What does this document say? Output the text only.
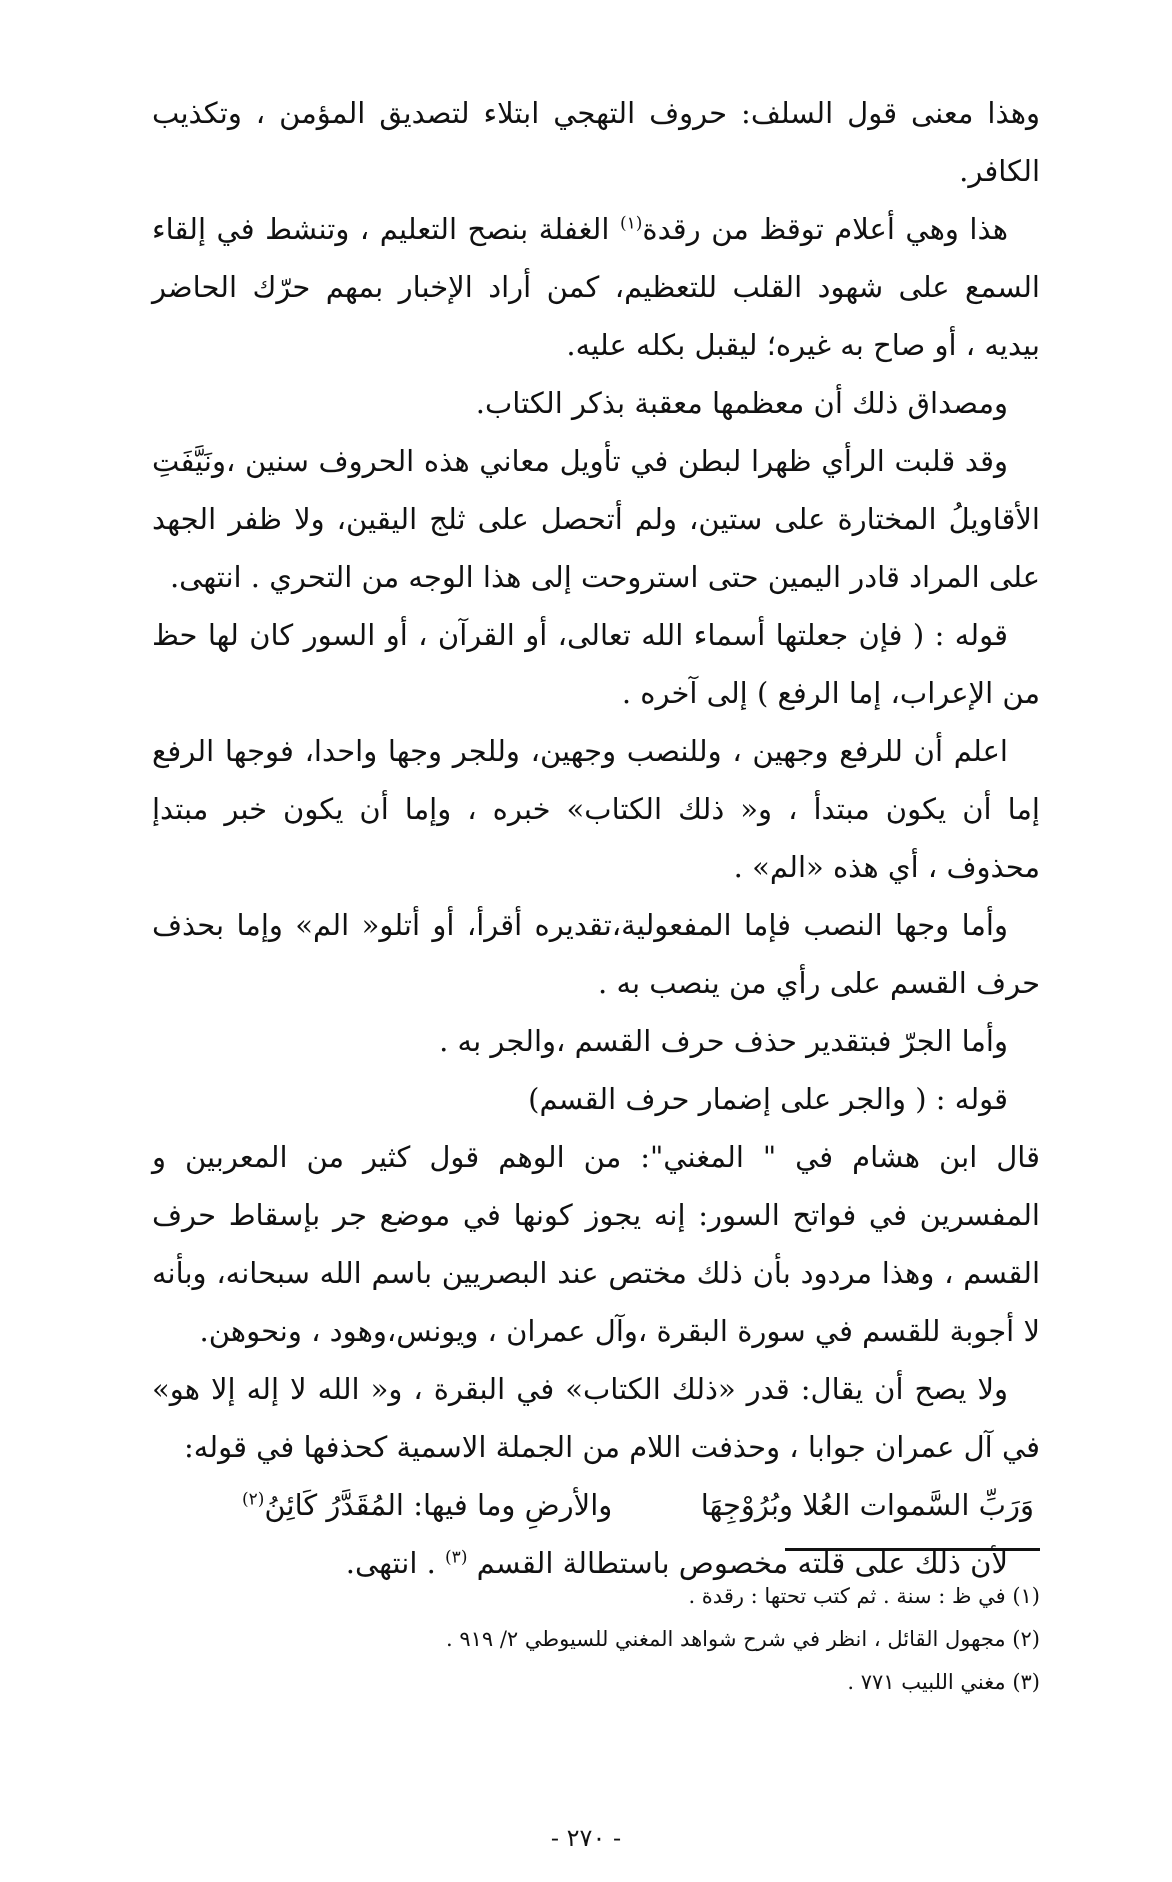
وهذا معنى قول السلف: حروف التهجي ابتلاء لتصديق المؤمن ، وتكذيب الكافر.

هذا وهي أعلام توقظ من رقدة$^{(١)}$ الغفلة بنصح التعليم ، وتنشط في إلقاء السمع على شهود القلب للتعظيم، كمن أراد الإخبار بمهم حرّك الحاضر بيديه ، أو صاح به غيره؛ ليقبل بكله عليه.

ومصداق ذلك أن معظمها معقبة بذكر الكتاب.

وقد قلبت الرأي ظهرا لبطن في تأويل معاني هذه الحروف سنين ،ونَيَّفَتِ الأقاويلُ المختارة على ستين، ولم أتحصل على ثلج اليقين، ولا ظفر الجهد على المراد قادر اليمين حتى استروحت إلى هذا الوجه من التحري . انتهى.

قوله : ( فإن جعلتها أسماء الله تعالى، أو القرآن ، أو السور كان لها حظ من الإعراب، إما الرفع ) إلى آخره .

اعلم أن للرفع وجهين ، وللنصب وجهين، وللجر وجها واحدا، فوجها الرفع إما أن يكون مبتدأ ، و« ذلك الكتاب» خبره ، وإما أن يكون خبر مبتدإ محذوف ، أي هذه «الم» .

وأما وجها النصب فإما المفعولية،تقديره أقرأ، أو أتلو« الم» وإما بحذف حرف القسم على رأي من ينصب به .

وأما الجرّ فبتقدير حذف حرف القسم ،والجر به .

قوله : ( والجر على إضمار حرف القسم)

قال ابن هشام في " المغني": من الوهم قول كثير من المعربين و المفسرين في فواتح السور: إنه يجوز كونها في موضع جر بإسقاط حرف القسم ، وهذا مردود بأن ذلك مختص عند البصريين باسم الله سبحانه، وبأنه لا أجوبة للقسم في سورة البقرة ،وآل عمران ، ويونس،وهود ، ونحوهن.

ولا يصح أن يقال: قدر «ذلك الكتاب» في البقرة ، و« الله لا إله إلا هو» في آل عمران جوابا ، وحذفت اللام من الجملة الاسمية كحذفها في قوله:

وَرَبِّ السَّموات العُلا وبُرُوْجِهَا
والأرضِ وما فيها: المُقَدَّرُ كَائِنُ$^{(٢)}$
لأن ذلك على قلته مخصوص باستطالة القسم $^{(٣)}$ . انتهى.

(١) في ظ : سنة . ثم كتب تحتها : رقدة .

(٢) مجهول القائل ، انظر في شرح شواهد المغني للسيوطي ٢/ ٩١٩ .

(٣) مغني اللبيب ٧٧١ .

- ٢٧٠ -
